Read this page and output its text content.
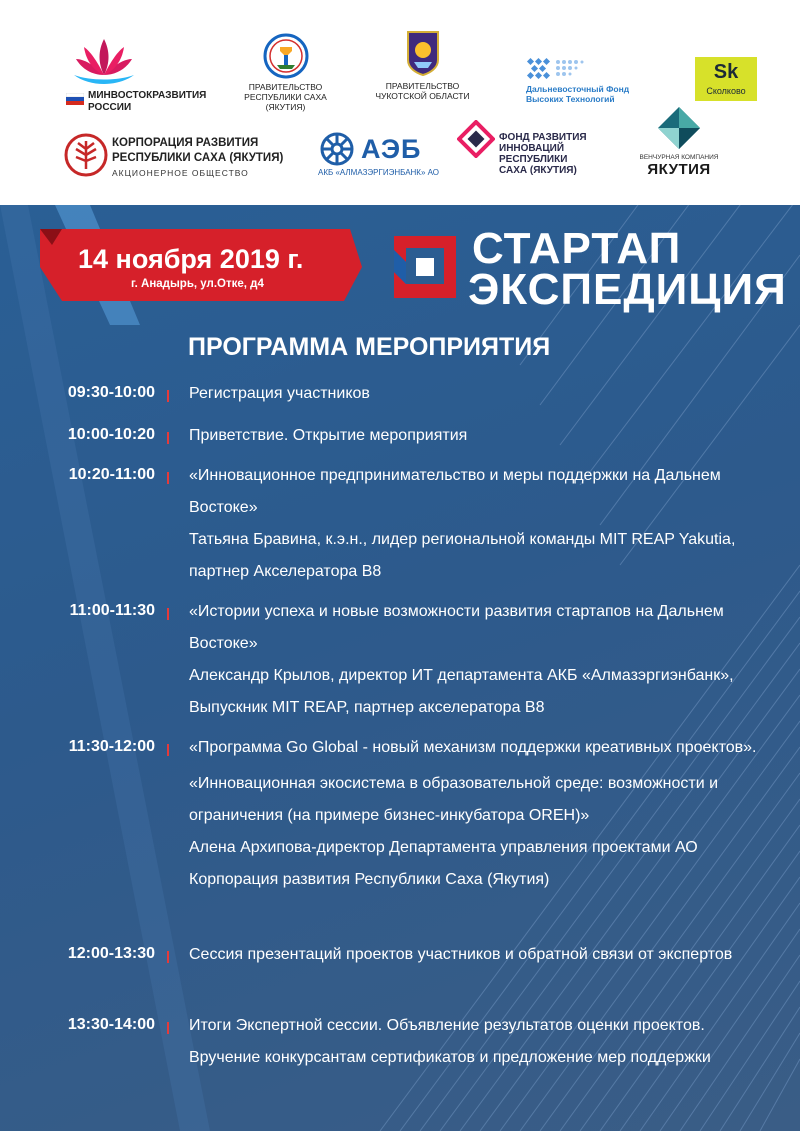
МИНВОСТОКРАЗВИТИЯ
РОССИИ
ПРАВИТЕЛЬСТВО
РЕСПУБЛИКИ САХА (ЯКУТИЯ)
ПРАВИТЕЛЬСТВО
ЧУКОТСКОЙ ОБЛАСТИ
Дальневосточный Фонд
Высоких Технологий
Sk
Сколково
КОРПОРАЦИЯ РАЗВИТИЯ
РЕСПУБЛИКИ САХА (ЯКУТИЯ)
АКЦИОНЕРНОЕ ОБЩЕСТВО
АЭБ
АКБ «АЛМАЗЭРГИЭНБАНК» АО
ФОНД РАЗВИТИЯ
ИННОВАЦИЙ
РЕСПУБЛИКИ
САХА (ЯКУТИЯ)
ВЕНЧУРНАЯ КОМПАНИЯ
ЯКУТИЯ
14 ноября 2019 г.
г. Анадырь, ул.Отке, д4
СТАРТАП
ЭКСПЕДИЦИЯ
ПРОГРАММА МЕРОПРИЯТИЯ
09:30-10:00 Регистрация участников

10:00-10:20 Приветствие. Открытие мероприятия

10:20-11:00 «Инновационное предпринимательство и меры поддержки на Дальнем Востоке»

Татьяна Бравина, к.э.н., лидер региональной команды MIT REAP Yakutia, партнер Акселератора B8

11:00-11:30 «Истории успеха и новые возможности развития стартапов на Дальнем Востоке»

Александр Крылов, директор ИТ департамента АКБ «Алмазэргиэнбанк», Выпускник MIT REAP, партнер акселератора B8

11:30-12:00 «Программа Go Global - новый механизм поддержки креативных проектов».

«Инновационная экосистема в образовательной среде: возможности и ограничения (на примере бизнес-инкубатора OREH)»

Алена Архипова-директор Департамента управления проектами АО Корпорация развития Республики Саха (Якутия)

12:00-13:30 Сессия презентаций проектов участников и обратной связи от экспертов

13:30-14:00 Итоги Экспертной сессии. Объявление результатов оценки проектов.

Вручение конкурсантам сертификатов и предложение мер поддержки
